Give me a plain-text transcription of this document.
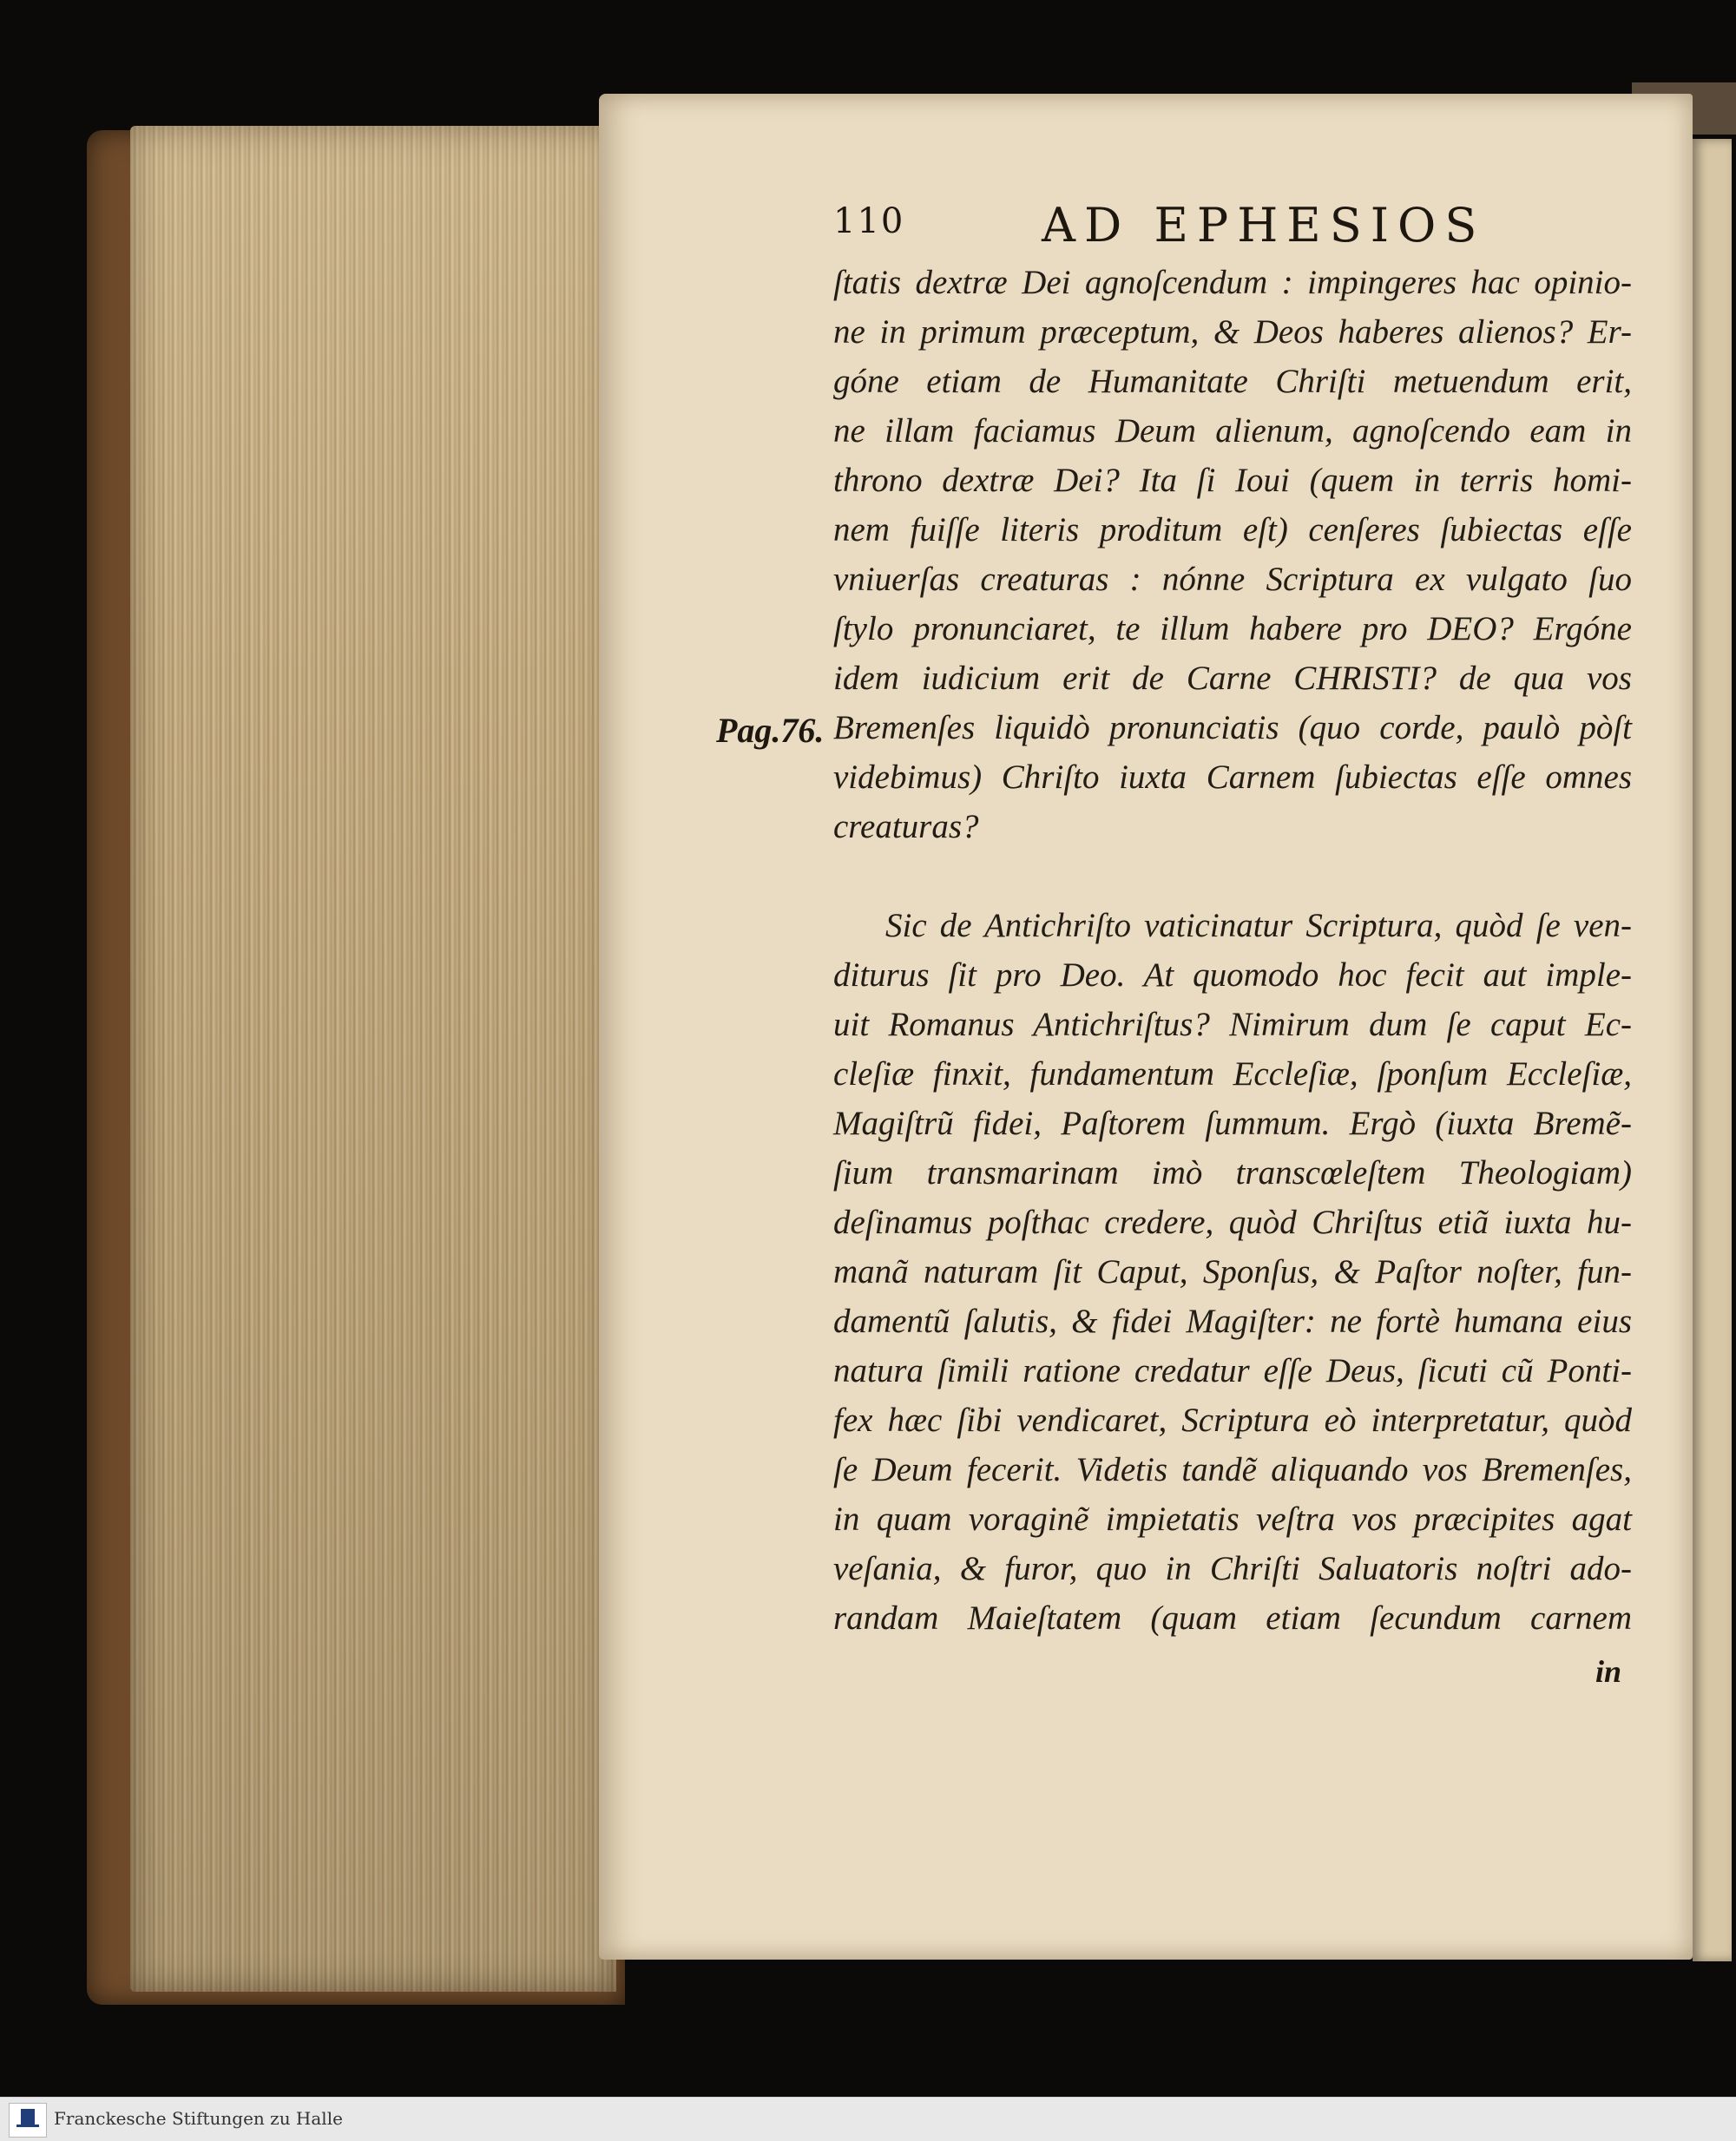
110	AD EPHESIOS
ſtatis dextræ Dei agnoſcendum : impingeres hac opinio-
ne in primum præceptum, & Deos haberes alienos? Er-
góne etiam de Humanitate Chriſti metuendum erit,
ne illam faciamus Deum alienum, agnoſcendo eam in
throno dextræ Dei? Ita ſi Ioui (quem in terris homi-
nem fuiſſe literis proditum eſt) cenſeres ſubiectas eſſe
vniuerſas creaturas : nónne Scriptura ex vulgato ſuo
ſtylo pronunciaret, te illum habere pro DEO? Ergóne
idem iudicium erit de Carne CHRISTI? de qua vos
Bremenſes liquidò pronunciatis (quo corde, paulò pòſt
videbimus) Chriſto iuxta Carnem ſubiectas eſſe omnes
creaturas?
Pag.76.
Sic de Antichriſto vaticinatur Scriptura, quòd ſe ven-
diturus ſit pro Deo. At quomodo hoc fecit aut imple-
uit Romanus Antichriſtus? Nimirum dum ſe caput Ec-
cleſiæ finxit, fundamentum Eccleſiæ, ſponſum Eccleſiæ,
Magiſtrũ fidei, Paſtorem ſummum. Ergò (iuxta Bremẽ-
ſium transmarinam imò transcœleſtem Theologiam)
deſinamus poſthac credere, quòd Chriſtus etiã iuxta hu-
manã naturam ſit Caput, Sponſus, & Paſtor noſter, fun-
damentũ ſalutis, & fidei Magiſter: ne fortè humana eius
natura ſimili ratione credatur eſſe Deus, ſicuti cũ Ponti-
fex hæc ſibi vendicaret, Scriptura eò interpretatur, quòd
ſe Deum fecerit. Videtis tandẽ aliquando vos Bremenſes,
in quam voraginẽ impietatis veſtra vos præcipites agat
veſania, & furor, quo in Chriſti Saluatoris noſtri ado-
randam Maieſtatem (quam etiam ſecundum carnem
in
Franckesche Stiftungen zu Halle
